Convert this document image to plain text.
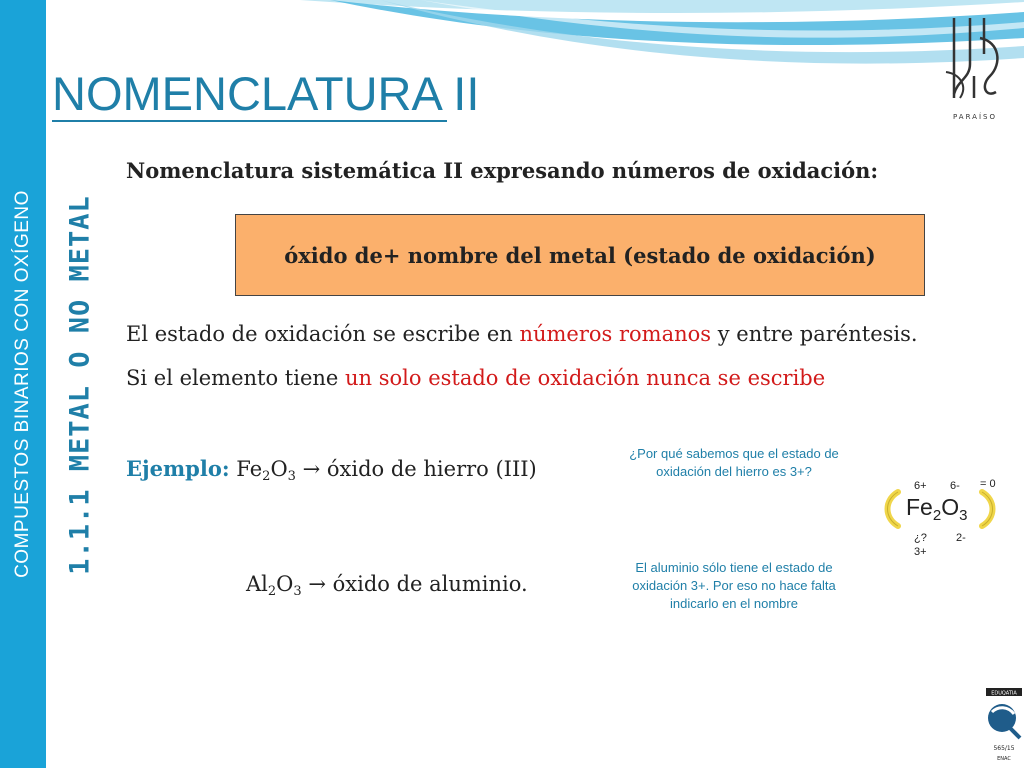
COMPUESTOS BINARIOS CON OXÍGENO 1.1.1 METAL O NO METAL
NOMENCLATURA II	PARAÍSO
Nomenclatura sistemática II expresando números de oxidación:
óxido de+ nombre del metal (estado de oxidación)
El estado de oxidación se escribe en números romanos y entre paréntesis.
Si el elemento tiene un solo estado de oxidación nunca se escribe
Ejemplo: $Fe_2O_3$ → óxido de hierro (III)
$Al_2O_3$ → óxido de aluminio.
¿Por qué sabemos que el estado de oxidación del hierro es 3+?
El aluminio sólo tiene el estado de oxidación 3+. Por eso no hace falta indicarlo en el nombre
6+ 6- = 0
$Fe_2O_3$
¿?
3+
2-
EDUQATIA
565/15
ENAC
